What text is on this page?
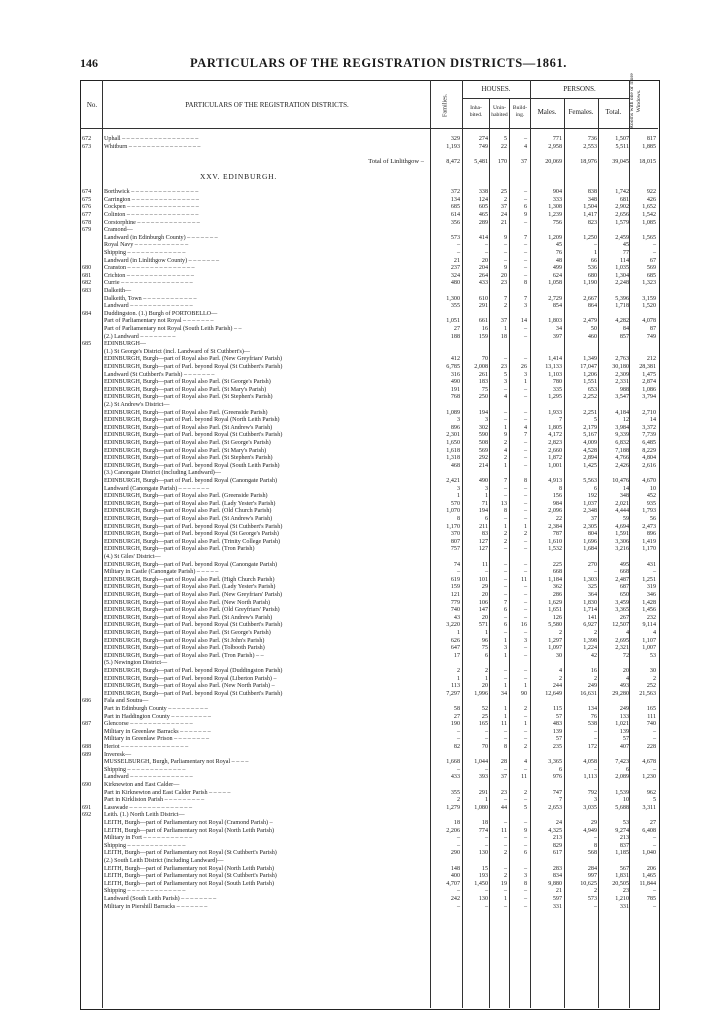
146	PARTICULARS OF THE REGISTRATION DISTRICTS—1861.
No.	PARTICULARS OF THE REGISTRATION DISTRICTS.	Families.
HOUSES.
Inha- bited.
Unin- habited
Build- ing.
PERSONS.
Males.	Females.	Total.	Rooms with one or more Windows.
672	Uphall – – – – – – – – – – – – – – – – –	329	274	5	–	771	736	1,507	817
673	Whitburn – – – – – – – – – – – – – – – –	1,193	749	22	4	2,958	2,553	5,511	1,885
Total of Linlithgow –	8,472	5,481	170	37	20,069	18,976	39,045	18,015
XXV. EDINBURGH.
674	Borthwick – – – – – – – – – – – – – – –	372	338	25	–	904	838	1,742	922
675	Carrington – – – – – – – – – – – – – – –	134	124	2	–	333	348	681	426
676	Cockpen – – – – – – – – – – – – – – – –	685	605	37	6	1,308	1,504	2,902	1,652
677	Colinton – – – – – – – – – – – – – – – –	614	465	24	9	1,239	1,417	2,656	1,542
678	Corstorphine – – – – – – – – – – – – – –	356	289	21	–	756	823	1,579	1,085
679	Cramond—
Landward (in Edinburgh County) – – – – – – –	573	414	9	7	1,209	1,250	2,459	1,565
Royal Navy – – – – – – – – – – – –	–	–	–	–	45	–	45	–
Shipping – – – – – – – – – – – – –	–	–	–	–	76	1	77	–
Landward (in Linlithgow County) – – – – – – –	21	20	–	–	48	66	114	67
680	Cranston – – – – – – – – – – – – – – –	237	204	9	–	499	536	1,035	569
681	Crichton – – – – – – – – – – – – – – –	324	264	20	–	624	680	1,304	685
682	Currie – – – – – – – – – – – – – – – –	480	433	23	8	1,058	1,190	2,248	1,323
683	Dalkeith—
Dalkeith, Town – – – – – – – – – – – –	1,300	610	7	7	2,729	2,667	5,396	3,159
Landward – – – – – – – – – – – – – –	355	291	2	3	854	864	1,718	1,520
684	Duddingston. (1.) Burgh of PORTOBELLO—
Part of Parliamentary not Royal – – – – – – –	1,051	661	37	14	1,803	2,479	4,282	4,078
Part of Parliamentary not Royal (South Leith Parish) – –	27	16	1	–	34	50	84	87
(2.) Landward – – – – – – – –	188	159	18	–	397	460	857	749
685	EDINBURGH—
(1.) St George's District (incl. Landward of St Cuthbert's)—
EDINBURGH, Burgh—part of Royal also Parl. (New Greyfriars' Parish)	412	70	–	–	1,414	1,349	2,763	212
EDINBURGH, Burgh—part of Parl. beyond Royal (St Cuthbert's Parish)	6,785	2,008	23	26	13,133	17,047	30,180	28,381
Landward (St Cuthbert's Parish) – – – – – – –	316	261	5	3	1,103	1,206	2,309	1,475
EDINBURGH, Burgh—part of Royal also Parl. (St George's Parish)	490	183	3	1	780	1,551	2,331	2,874
EDINBURGH, Burgh—part of Royal also Parl. (St Mary's Parish)	191	75	–	–	335	653	988	1,086
EDINBURGH, Burgh—part of Royal also Parl. (St Stephen's Parish)	768	250	4	–	1,295	2,252	3,547	3,794
(2.) St Andrew's District—
EDINBURGH, Burgh—part of Royal also Parl. (Greenside Parish)	1,089	194	–	–	1,933	2,251	4,184	2,710
EDINBURGH, Burgh—part of Parl. beyond Royal (North Leith Parish)	3	3	–	–	7	5	12	14
EDINBURGH, Burgh—part of Royal also Parl. (St Andrew's Parish)	896	302	1	4	1,805	2,179	3,984	3,372
EDINBURGH, Burgh—part of Parl. beyond Royal (St Cuthbert's Parish)	2,301	590	9	7	4,172	5,167	9,339	7,739
EDINBURGH, Burgh—part of Royal also Parl. (St George's Parish)	1,650	508	2	–	2,823	4,009	6,832	6,485
EDINBURGH, Burgh—part of Royal also Parl. (St Mary's Parish)	1,618	569	4	–	2,660	4,528	7,188	8,229
EDINBURGH, Burgh—part of Royal also Parl. (St Stephen's Parish)	1,318	292	2	–	1,872	2,894	4,766	4,804
EDINBURGH, Burgh—part of Parl. beyond Royal (South Leith Parish)	468	214	1	–	1,001	1,425	2,426	2,616
(3.) Canongate District (including Landward)—
EDINBURGH, Burgh—part of Parl. beyond Royal (Canongate Parish)	2,421	490	7	8	4,913	5,563	10,476	4,670
Landward (Canongate Parish) – – – – – – –	3	3	–	–	8	6	14	10
EDINBURGH, Burgh—part of Royal also Parl. (Greenside Parish)	1	1	–	–	156	192	348	452
EDINBURGH, Burgh—part of Royal also Parl. (Lady Yester's Parish)	570	71	13	–	984	1,037	2,021	935
EDINBURGH, Burgh—part of Royal also Parl. (Old Church Parish)	1,070	194	8	–	2,096	2,348	4,444	1,793
EDINBURGH, Burgh—part of Royal also Parl. (St Andrew's Parish)	8	6	–	–	22	37	59	56
EDINBURGH, Burgh—part of Parl. beyond Royal (St Cuthbert's Parish)	1,170	211	1	1	2,384	2,305	4,694	2,473
EDINBURGH, Burgh—part of Parl. beyond Royal (St George's Parish)	370	83	2	2	787	804	1,591	896
EDINBURGH, Burgh—part of Royal also Parl. (Trinity College Parish)	807	127	2	–	1,610	1,696	3,306	1,419
EDINBURGH, Burgh—part of Royal also Parl. (Tron Parish)	757	127	–	–	1,532	1,684	3,216	1,170
(4.) St Giles' District—
EDINBURGH, Burgh—part of Parl. beyond Royal (Canongate Parish)	74	11	–	–	225	270	495	431
Military in Castle (Canongate Parish) – – – – –	–	–	–	–	668	–	668	–
EDINBURGH, Burgh—part of Royal also Parl. (High Church Parish)	619	101	–	11	1,184	1,303	2,487	1,251
EDINBURGH, Burgh—part of Royal also Parl. (Lady Yester's Parish)	159	29	–	–	362	325	687	319
EDINBURGH, Burgh—part of Royal also Parl. (New Greyfriars' Parish)	121	20	–	–	286	364	650	346
EDINBURGH, Burgh—part of Royal also Parl. (New North Parish)	779	106	7	–	1,629	1,830	3,459	1,428
EDINBURGH, Burgh—part of Royal also Parl. (Old Greyfriars' Parish)	740	147	6	–	1,651	1,714	3,365	1,456
EDINBURGH, Burgh—part of Royal also Parl. (St Andrew's Parish)	43	20	–	–	126	141	267	232
EDINBURGH, Burgh—part of Parl. beyond Royal (St Cuthbert's Parish)	3,220	571	6	16	5,580	6,927	12,507	9,114
EDINBURGH, Burgh—part of Royal also Parl. (St George's Parish)	1	1	–	–	2	2	4	4
EDINBURGH, Burgh—part of Royal also Parl. (St John's Parish)	626	96	1	3	1,297	1,398	2,695	1,107
EDINBURGH, Burgh—part of Royal also Parl. (Tolbooth Parish)	647	75	3	–	1,097	1,224	2,321	1,007
EDINBURGH, Burgh—part of Royal also Parl. (Tron Parish) – –	17	6	1	–	30	42	72	53
(5.) Newington District—
EDINBURGH, Burgh—part of Parl. beyond Royal (Duddingston Parish)	2	2	–	–	4	16	20	30
EDINBURGH, Burgh—part of Parl. beyond Royal (Liberton Parish) –	1	1	–	–	2	2	4	2
EDINBURGH, Burgh—part of Royal also Parl. (New North Parish) –	113	20	1	1	244	249	493	252
EDINBURGH, Burgh—part of Parl. beyond Royal (St Cuthbert's Parish)	7,297	1,996	34	90	12,649	16,631	29,280	21,563
686	Fala and Soutra—
Part in Edinburgh County – – – – – – – – –	58	52	1	2	115	134	249	165
Part in Haddington County – – – – – – – – –	27	25	1	–	57	76	133	111
687	Glencorse – – – – – – – – – – – – – –	190	165	11	1	483	538	1,021	740
Military in Greenlaw Barracks – – – – – – –	–	–	–	–	139	–	139	–
Military in Greenlaw Prison – – – – – – – –	–	–	–	–	57	–	57	–
688	Heriot – – – – – – – – – – – – – – –	82	70	8	2	235	172	407	228
689	Inveresk—
MUSSELBURGH, Burgh, Parliamentary not Royal – – – –	1,668	1,044	28	4	3,365	4,058	7,423	4,678
Shipping – – – – – – – – – – – – –	–	–	–	–	6	–	6	–
Landward – – – – – – – – – – – – – –	433	393	37	11	976	1,113	2,089	1,230
690	Kirknewton and East Calder—
Part in Kirknewton and East Calder Parish – – – – –	355	291	23	2	747	792	1,539	962
Part in Kirkliston Parish – – – – – – – – –	2	1	–	–	7	3	10	5
691	Lasswade – – – – – – – – – – – – – –	1,279	1,080	44	5	2,653	3,035	5,688	3,311
692	Leith. (1.) North Leith District—
LEITH, Burgh—part of Parliamentary not Royal (Cramond Parish) –	18	18	–	–	24	29	53	27
LEITH, Burgh—part of Parliamentary not Royal (North Leith Parish)	2,206	774	11	9	4,325	4,949	9,274	6,408
Military in Fort – – – – – – – – – – –	–	–	–	–	213	–	213	–
Shipping – – – – – – – – – – – – –	–	–	–	–	829	8	837	–
LEITH, Burgh—part of Parliamentary not Royal (St Cuthbert's Parish)	290	130	2	6	617	568	1,185	1,040
(2.) South Leith District (including Landward)—
LEITH, Burgh—part of Parliamentary not Royal (North Leith Parish)	148	15	–	–	283	284	567	206
LEITH, Burgh—part of Parliamentary not Royal (St Cuthbert's Parish)	400	193	2	3	834	997	1,831	1,465
LEITH, Burgh—part of Parliamentary not Royal (South Leith Parish)	4,707	1,450	19	8	9,880	10,625	20,505	11,844
Shipping – – – – – – – – – – – – –	–	–	–	–	21	2	23	–
Landward (South Leith Parish) – – – – – – – –	242	130	1	–	597	573	1,210	785
Military in Piershill Barracks – – – – – – –	–	–	–	–	331	–	331	–
